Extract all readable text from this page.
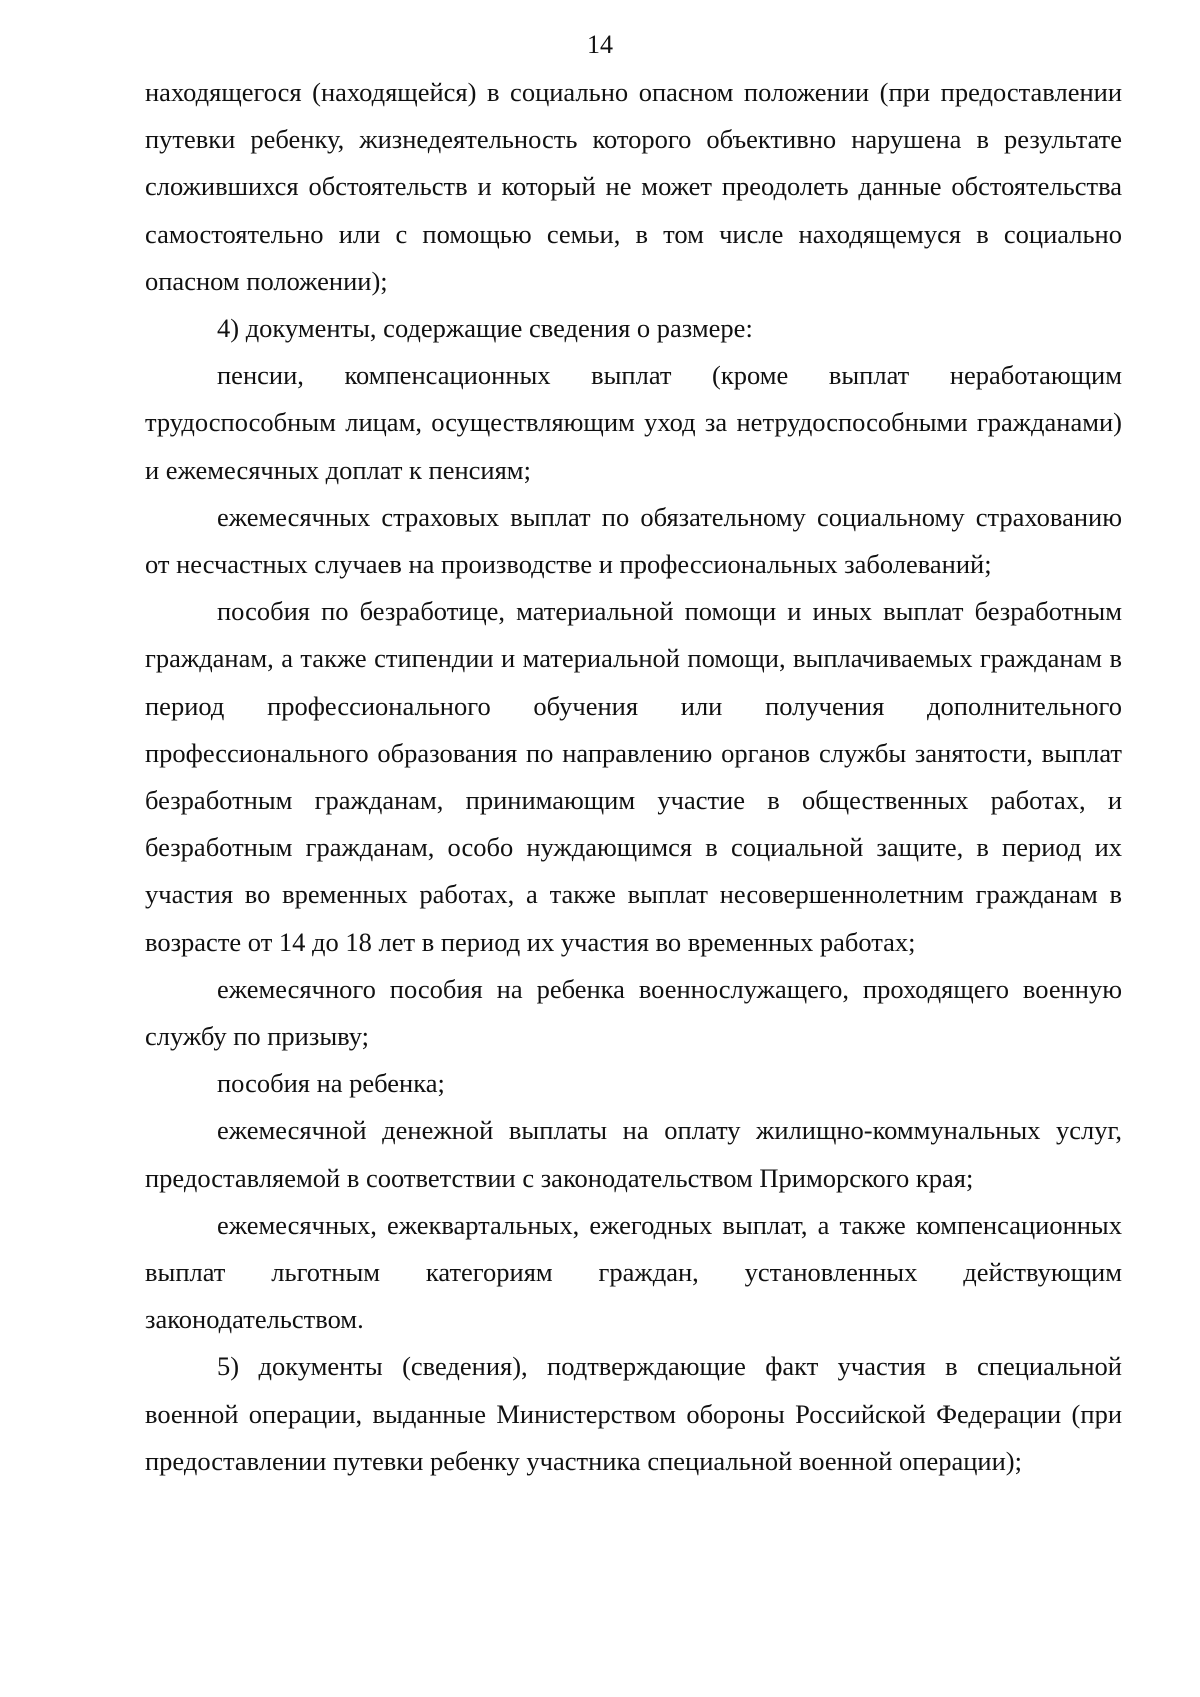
14

находящегося (находящейся) в социально опасном положении (при предоставлении путевки ребенку, жизнедеятельность которого объективно нарушена в результате сложившихся обстоятельств и который не может преодолеть данные обстоятельства самостоятельно или с помощью семьи, в том числе находящемуся в социально опасном положении);

4) документы, содержащие сведения о размере:

пенсии, компенсационных выплат (кроме выплат неработающим трудоспособным лицам, осуществляющим уход за нетрудоспособными гражданами) и ежемесячных доплат к пенсиям;

ежемесячных страховых выплат по обязательному социальному страхованию от несчастных случаев на производстве и профессиональных заболеваний;

пособия по безработице, материальной помощи и иных выплат безработным гражданам, а также стипендии и материальной помощи, выплачиваемых гражданам в период профессионального обучения или получения дополнительного профессионального образования по направлению органов службы занятости, выплат безработным гражданам, принимающим участие в общественных работах, и безработным гражданам, особо нуждающимся в социальной защите, в период их участия во временных работах, а также выплат несовершеннолетним гражданам в возрасте от 14 до 18 лет в период их участия во временных работах;

ежемесячного пособия на ребенка военнослужащего, проходящего военную службу по призыву;

пособия на ребенка;

ежемесячной денежной выплаты на оплату жилищно-коммунальных услуг, предоставляемой в соответствии с законодательством Приморского края;

ежемесячных, ежеквартальных, ежегодных выплат, а также компенсационных выплат льготным категориям граждан, установленных действующим законодательством.

5) документы (сведения), подтверждающие факт участия в специальной военной операции, выданные Министерством обороны Российской Федерации (при предоставлении путевки ребенку участника специальной военной операции);
